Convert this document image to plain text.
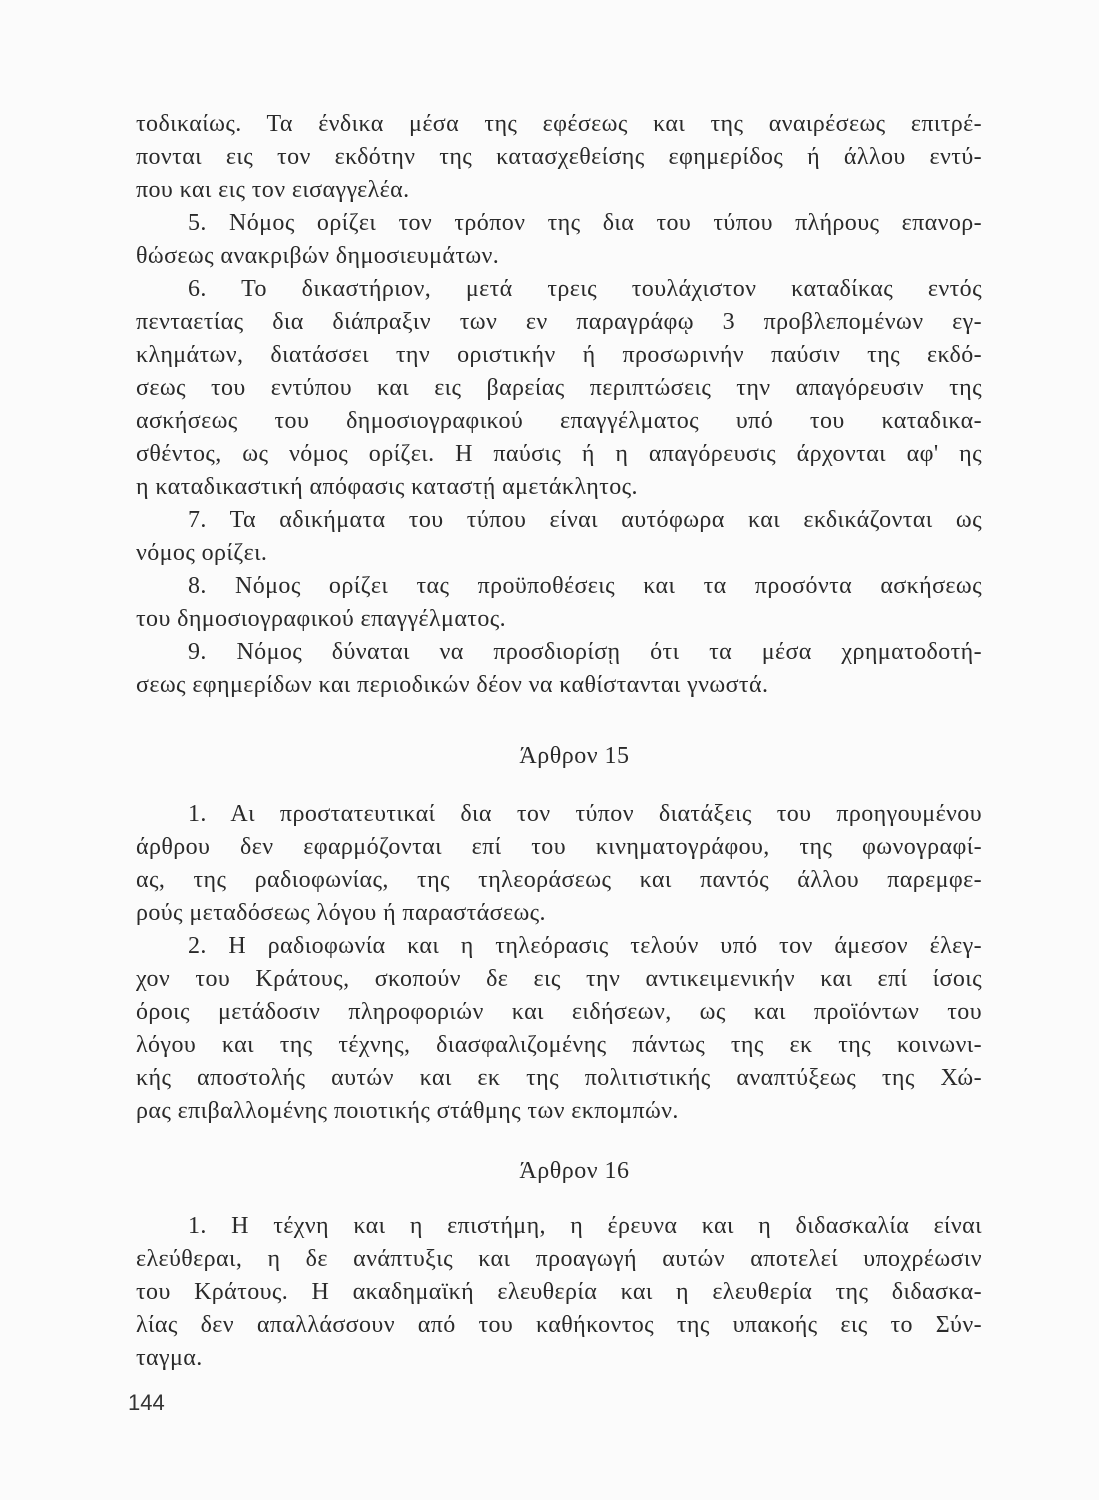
τοδικαίως. Τα ένδικα μέσα της εφέσεως και της αναιρέσεως επιτρέ-
πονται εις τον εκδότην της κατασχεθείσης εφημερίδος ή άλλου εντύ-
που και εις τον εισαγγελέα.
5. Νόμος ορίζει τον τρόπον της δια του τύπου πλήρους επανορ-
θώσεως ανακριβών δημοσιευμάτων.
6. Το δικαστήριον, μετά τρεις τουλάχιστον καταδίκας εντός
πενταετίας δια διάπραξιν των εν παραγράφῳ 3 προβλεπομένων εγ-
κλημάτων, διατάσσει την οριστικήν ή προσωρινήν παύσιν της εκδό-
σεως του εντύπου και εις βαρείας περιπτώσεις την απαγόρευσιν της
ασκήσεως του δημοσιογραφικού επαγγέλματος υπό του καταδικα-
σθέντος, ως νόμος ορίζει. Η παύσις ή η απαγόρευσις άρχονται αφ' ης
η καταδικαστική απόφασις καταστῄ αμετάκλητος.
7. Τα αδικήματα του τύπου είναι αυτόφωρα και εκδικάζονται ως
νόμος ορίζει.
8. Νόμος ορίζει τας προϋποθέσεις και τα προσόντα ασκήσεως
του δημοσιογραφικού επαγγέλματος.
9. Νόμος δύναται να προσδιορίσῃ ότι τα μέσα χρηματοδοτή-
σεως εφημερίδων και περιοδικών δέον να καθίστανται γνωστά.
Άρθρον 15
1. Αι προστατευτικαί δια τον τύπον διατάξεις του προηγουμένου
άρθρου δεν εφαρμόζονται επί του κινηματογράφου, της φωνογραφί-
ας, της ραδιοφωνίας, της τηλεοράσεως και παντός άλλου παρεμφε-
ρούς μεταδόσεως λόγου ή παραστάσεως.
2. Η ραδιοφωνία και η τηλεόρασις τελούν υπό τον άμεσον έλεγ-
χον του Κράτους, σκοπούν δε εις την αντικειμενικήν και επί ίσοις
όροις μετάδοσιν πληροφοριών και ειδήσεων, ως και προϊόντων του
λόγου και της τέχνης, διασφαλιζομένης πάντως της εκ της κοινωνι-
κής αποστολής αυτών και εκ της πολιτιστικής αναπτύξεως της Χώ-
ρας επιβαλλομένης ποιοτικής στάθμης των εκπομπών.
Άρθρον 16
1. Η τέχνη και η επιστήμη, η έρευνα και η διδασκαλία είναι
ελεύθεραι, η δε ανάπτυξις και προαγωγή αυτών αποτελεί υποχρέωσιν
του Κράτους. Η ακαδημαϊκή ελευθερία και η ελευθερία της διδασκα-
λίας δεν απαλλάσσουν από του καθήκοντος της υπακοής εις το Σύν-
ταγμα.
144
